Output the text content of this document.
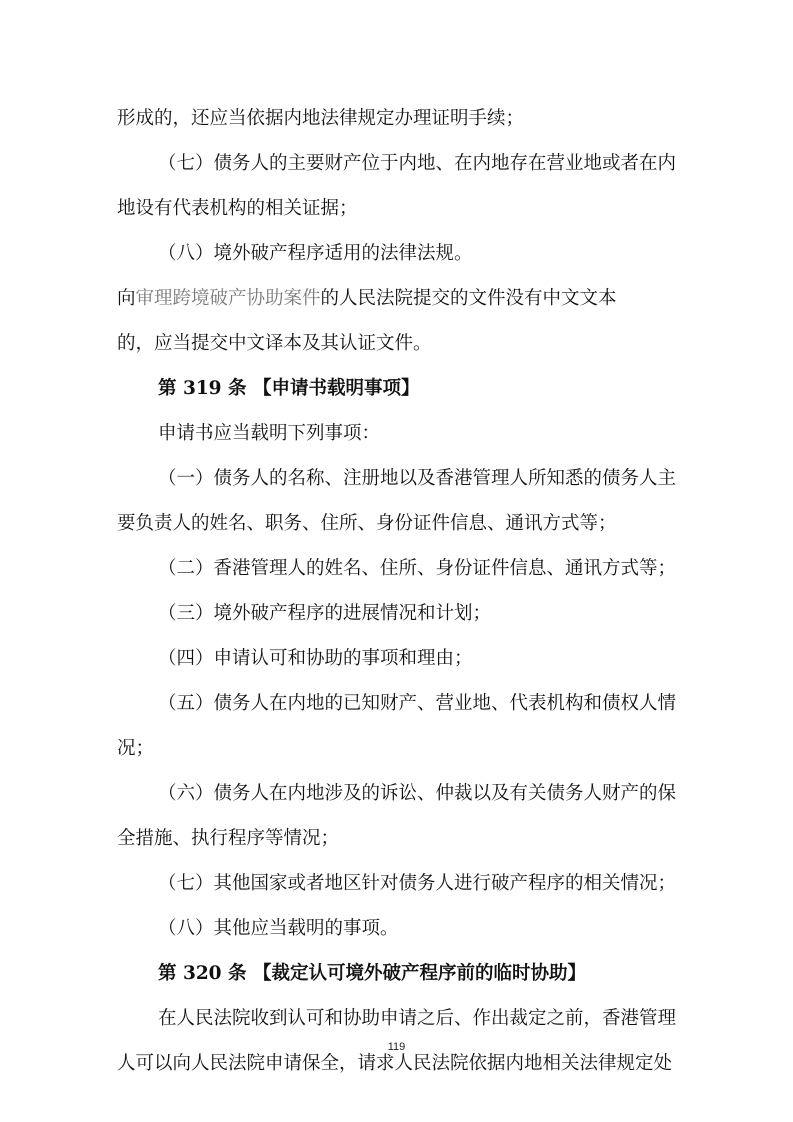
形成的，还应当依据内地法律规定办理证明手续；
（七）债务人的主要财产位于内地、在内地存在营业地或者在内
地设有代表机构的相关证据；
（八）境外破产程序适用的法律法规。
向审理跨境破产协助案件的人民法院提交的文件没有中文文本
的，应当提交中文译本及其认证文件。
第 319 条 【申请书载明事项】
申请书应当载明下列事项：
（一）债务人的名称、注册地以及香港管理人所知悉的债务人主
要负责人的姓名、职务、住所、身份证件信息、通讯方式等；
（二）香港管理人的姓名、住所、身份证件信息、通讯方式等；
（三）境外破产程序的进展情况和计划；
（四）申请认可和协助的事项和理由；
（五）债务人在内地的已知财产、营业地、代表机构和债权人情
况；
（六）债务人在内地涉及的诉讼、仲裁以及有关债务人财产的保
全措施、执行程序等情况；
（七）其他国家或者地区针对债务人进行破产程序的相关情况；
（八）其他应当载明的事项。
第 320 条 【裁定认可境外破产程序前的临时协助】
在人民法院收到认可和协助申请之后、作出裁定之前，香港管理
人可以向人民法院申请保全，请求人民法院依据内地相关法律规定处
119
